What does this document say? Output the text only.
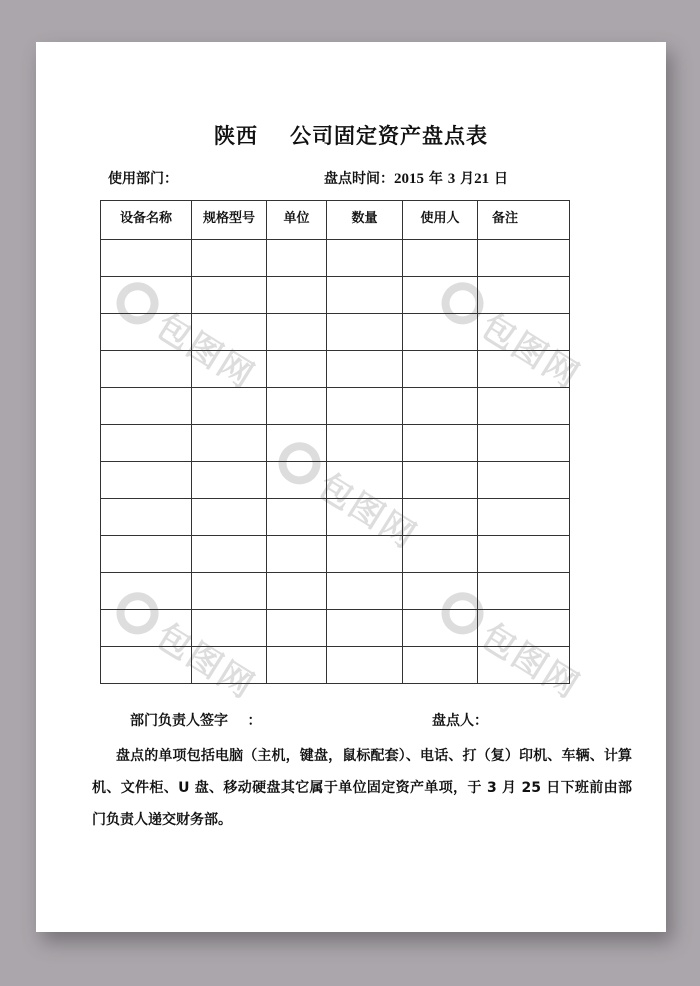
包图网	包图网
包图网
包图网	包图网
陕西 公司固定资产盘点表
使用部门：	盘点时间：2015 年 3 月21 日
设备名称	规格型号	单位	数量	使用人	备注

部门负责人签字    ：	盘点人：
盘点的单项包括电脑（主机，键盘，鼠标配套）、电话、打（复）印机、车辆、计算机、文件柜、U 盘、移动硬盘其它属于单位固定资产单项，于 3 月 25 日下班前由部门负责人递交财务部。
